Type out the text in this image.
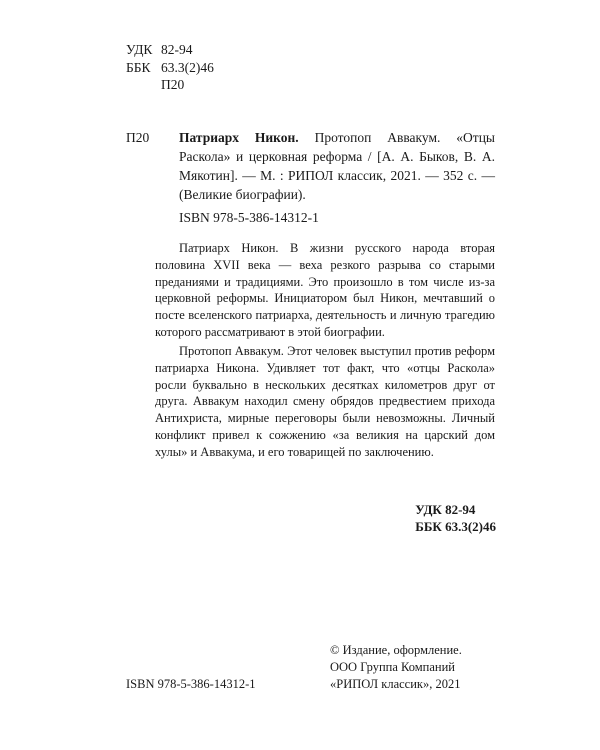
УДК 82-94
ББК 63.3(2)46
П20
П20 Патриарх Никон. Протопоп Аввакум. «Отцы Раскола» и церковная реформа / [А. А. Быков, В. А. Мякотин]. — М. : РИПОЛ классик, 2021. — 352 с. — (Великие биографии).
ISBN 978-5-386-14312-1

Патриарх Никон. В жизни русского народа вторая половина XVII века — веха резкого разрыва со старыми преданиями и традициями. Это произошло в том числе из-за церковной реформы. Инициатором был Никон, мечтавший о посте вселенского патриарха, деятельность и личную трагедию которого рассматривают в этой биографии.

Протопоп Аввакум. Этот человек выступил против реформ патриарха Никона. Удивляет тот факт, что «отцы Раскола» росли буквально в нескольких десятках километров друг от друга. Аввакум находил смену обрядов предвестием прихода Антихриста, мирные переговоры были невозможны. Личный конфликт привел к сожжению «за великия на царский дом хулы» и Аввакума, и его товарищей по заключению.

УДК 82-94
ББК 63.3(2)46
© Издание, оформление.
ООО Группа Компаний
«РИПОЛ классик», 2021
ISBN 978-5-386-14312-1
